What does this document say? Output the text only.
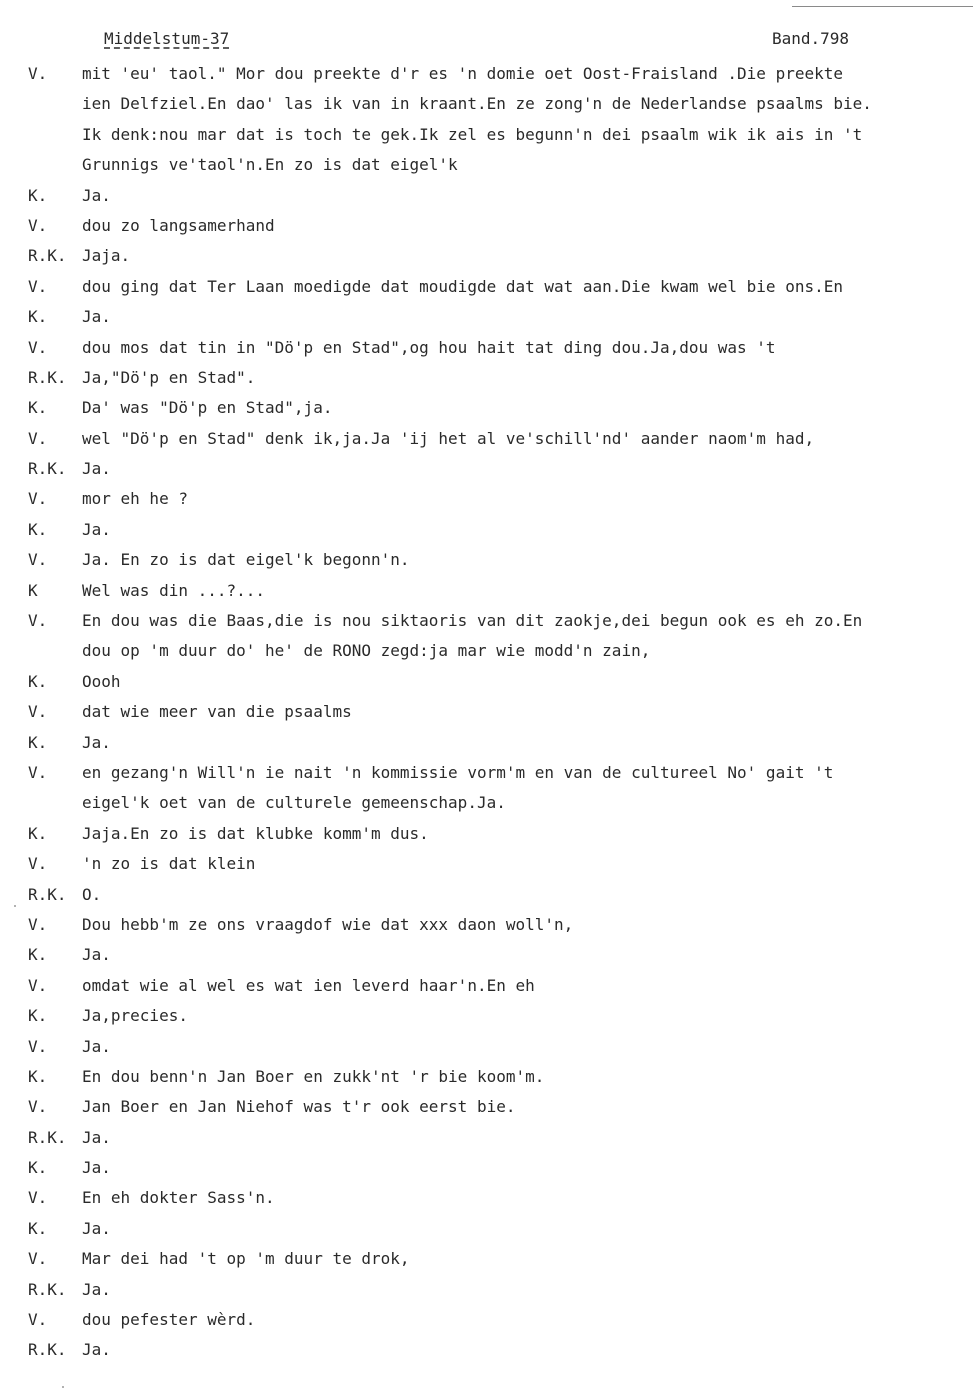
Middelstum-37	Band.798
V. mit 'eu' taol." Mor dou preekte d'r es 'n domie oet Oost-Fraisland .Die preekte
ien Delfziel.En dao' las ik van in kraant.En ze zong'n de Nederlandse psaalms bie.
Ik denk:nou mar dat is toch te gek.Ik zel es begunn'n dei psaalm wik ik ais in 't
Grunnigs ve'taol'n.En zo is dat eigel'k
K. Ja.
V. dou zo langsamerhand
R.K. Jaja.
V. dou ging dat Ter Laan moedigde dat moudigde dat wat aan.Die kwam wel bie ons.En
K. Ja.
V. dou mos dat tin in "Dö'p en Stad",og hou hait tat ding dou.Ja,dou was 't
R.K. Ja,"Dö'p en Stad".
K. Da' was "Dö'p en Stad",ja.
V. wel "Dö'p en Stad" denk ik,ja.Ja 'ij het al ve'schill'nd' aander naom'm had,
R.K. Ja.
V. mor eh he ?
K. Ja.
V. Ja. En zo is dat eigel'k begonn'n.
K	Wel was din ...?...
V. En dou was die Baas,die is nou siktaoris van dit zaokje,dei begun ook es eh zo.En
dou op 'm duur do' he' de RONO zegd:ja mar wie modd'n zain,
K. Oooh
V. dat wie meer van die psaalms
K. Ja.
V. en gezang'n Will'n ie nait 'n kommissie vorm'm en van de cultureel No' gait 't
eigel'k oet van de culturele gemeenschap.Ja.
K. Jaja.En zo is dat klubke komm'm dus.
V. 'n zo is dat klein
R.K. O.
V. Dou hebb'm ze ons vraagdof wie dat xxx daon woll'n,
K. Ja.
V. omdat wie al wel es wat ien leverd haar'n.En eh
K. Ja,precies.
V. Ja.
K. En dou benn'n Jan Boer en zukk'nt 'r bie koom'm.
V. Jan Boer en Jan Niehof was t'r ook eerst bie.
R.K. Ja.
K. Ja.
V. En eh dokter Sass'n.
K. Ja.
V. Mar dei had 't op 'm duur te drok,
R.K. Ja.
V. dou pefester wèrd.
R.K. Ja.
